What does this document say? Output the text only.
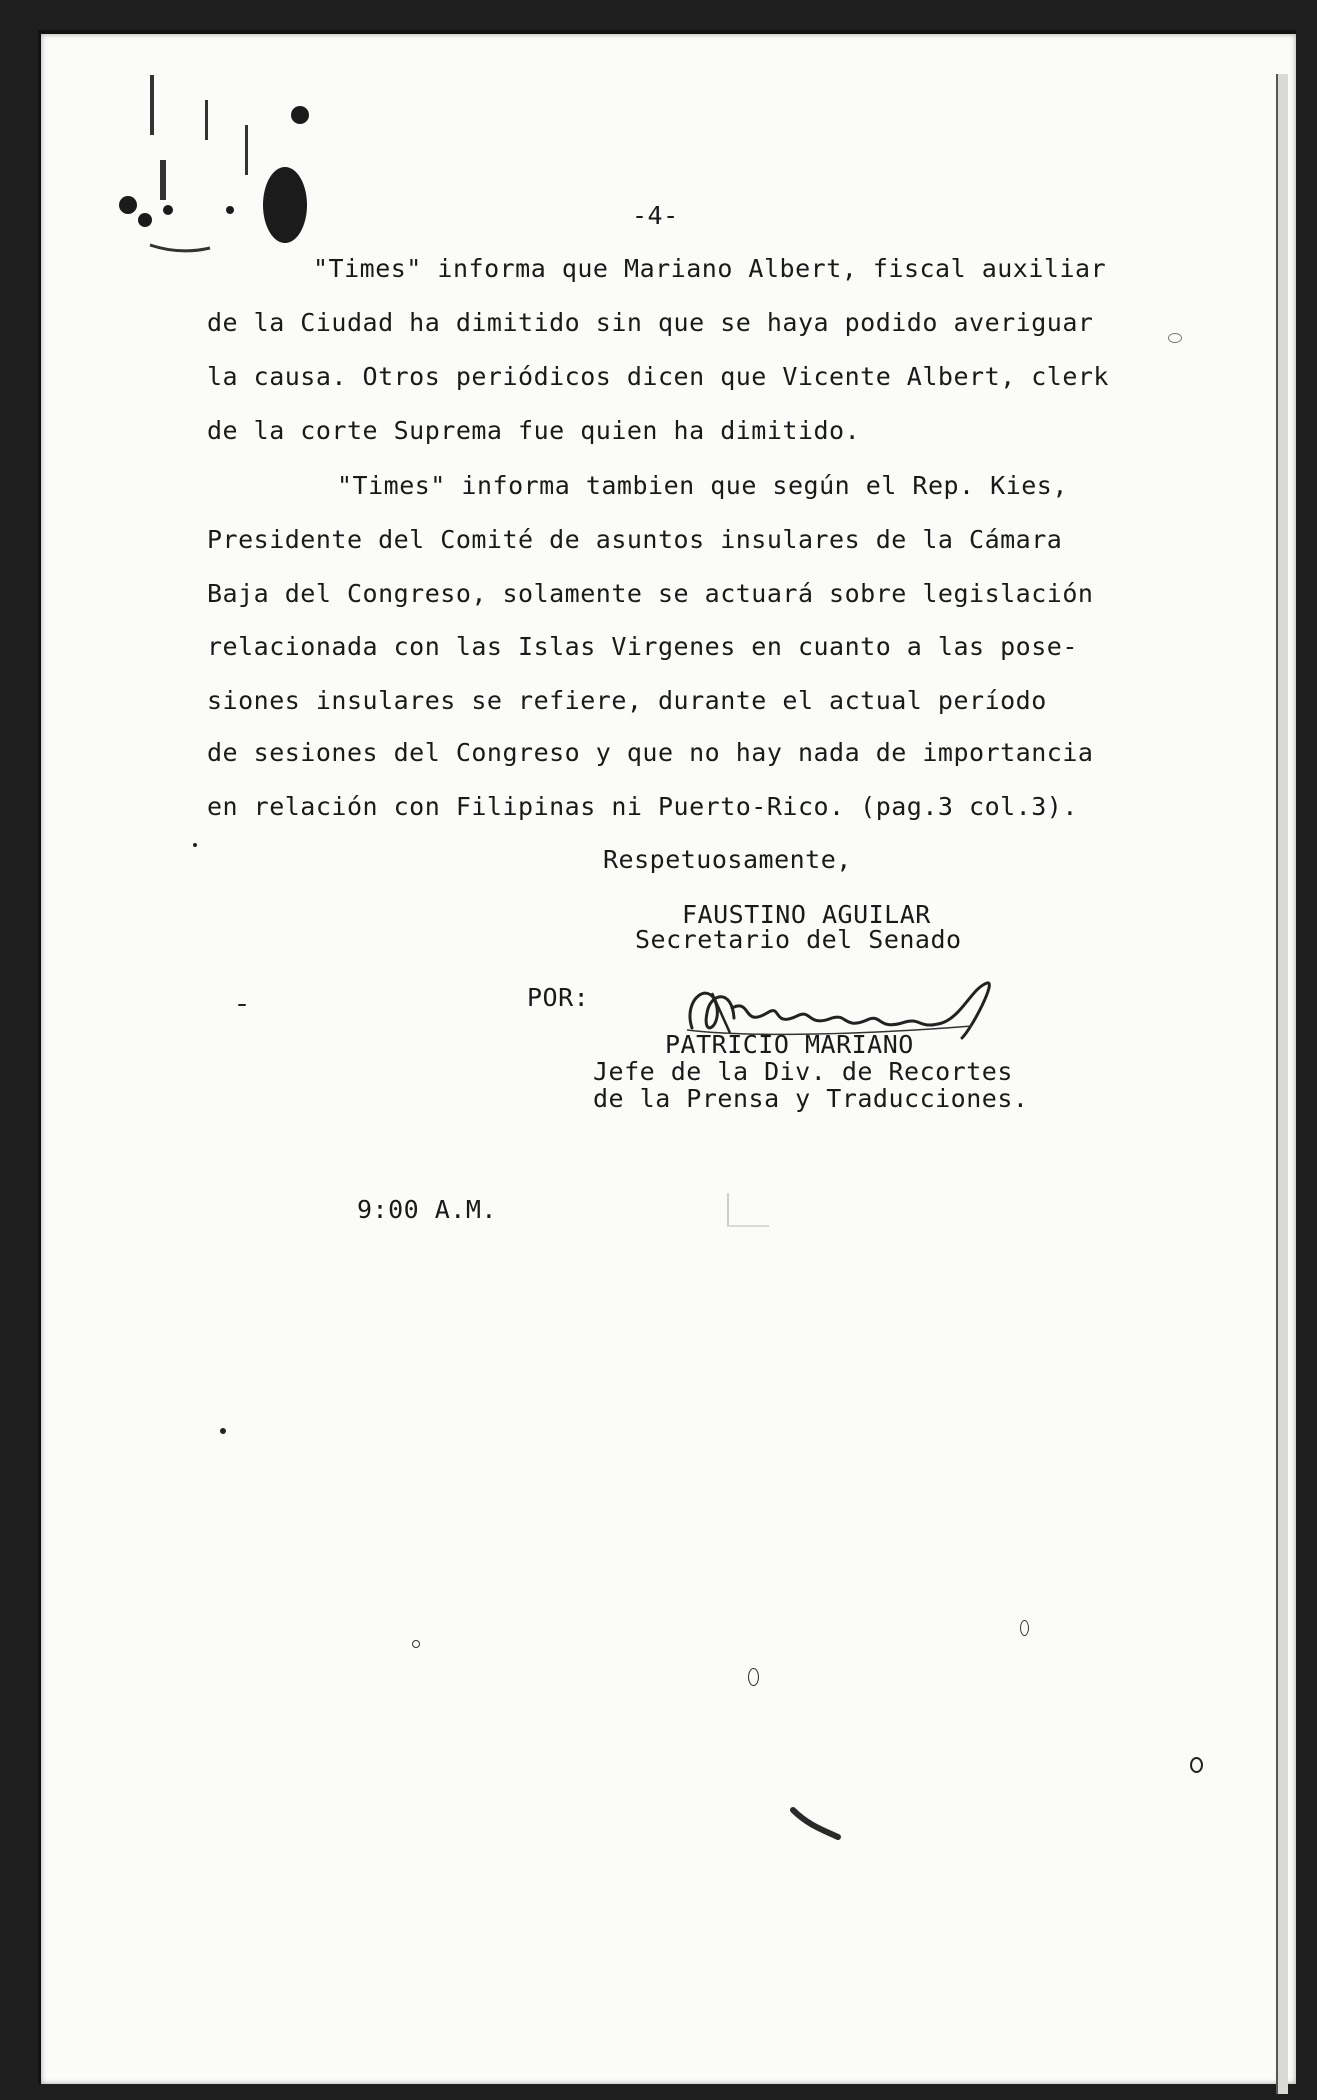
-4-

"Times" informa que Mariano Albert, fiscal auxiliar

de la Ciudad ha dimitido sin que se haya podido averiguar

la causa. Otros periódicos dicen que Vicente Albert, clerk

de la corte Suprema fue quien ha dimitido.

"Times" informa tambien que según el Rep. Kies,

Presidente del Comité de asuntos insulares de la Cámara

Baja del Congreso, solamente se actuará sobre legislación

relacionada con las Islas Virgenes en cuanto a las pose-

siones insulares se refiere, durante el actual período

de sesiones del Congreso y que no hay nada de importancia

en relación con Filipinas ni Puerto-Rico. (pag.3 col.3).

Respetuosamente,

FAUSTINO AGUILAR

Secretario del Senado

POR:

PATRICIO MARIANO

Jefe de la Div. de Recortes

de la Prensa y Traducciones.

9:00 A.M.
